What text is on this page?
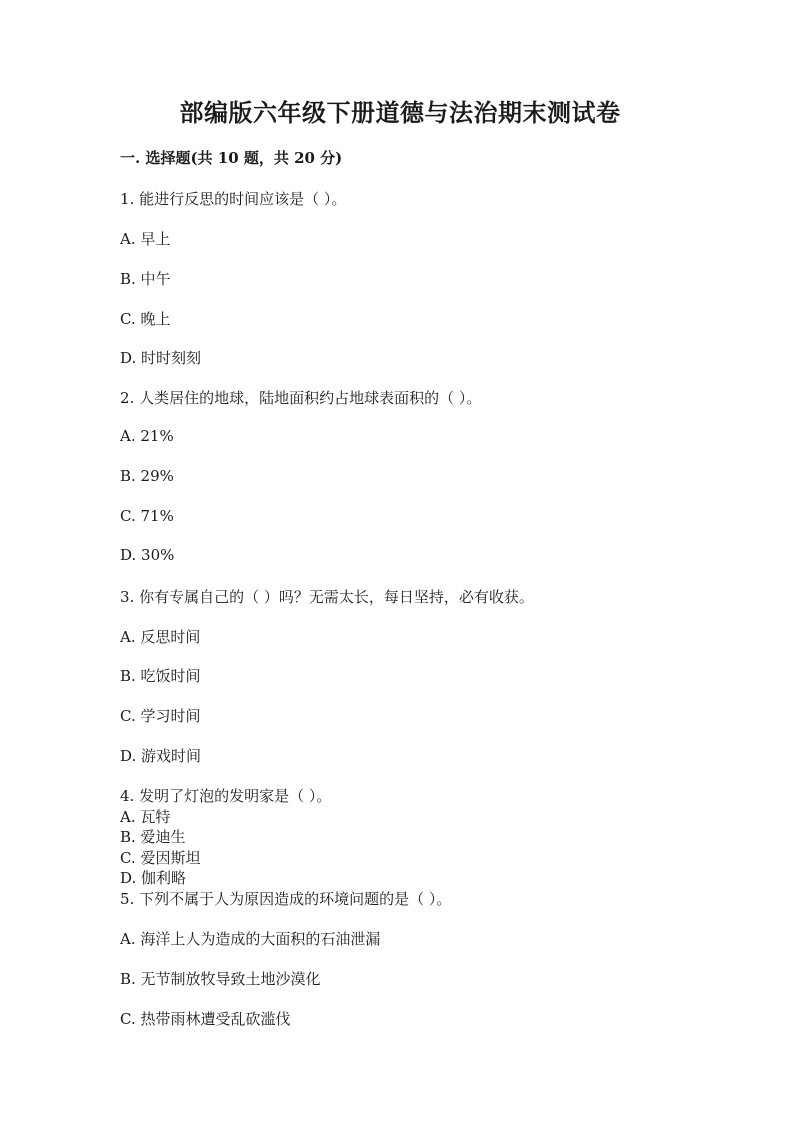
部编版六年级下册道德与法治期末测试卷
一. 选择题(共 10 题，共 20 分)
1. 能进行反思的时间应该是（ ）。
A. 早上
B. 中午
C. 晚上
D. 时时刻刻
2. 人类居住的地球，陆地面积约占地球表面积的（ ）。
A. 21%
B. 29%
C. 71%
D. 30%
3. 你有专属自己的（ ）吗？无需太长，每日坚持，必有收获。
A. 反思时间
B. 吃饭时间
C. 学习时间
D. 游戏时间
4. 发明了灯泡的发明家是（ ）。
A. 瓦特
B. 爱迪生
C. 爱因斯坦
D. 伽利略
5. 下列不属于人为原因造成的环境问题的是（ ）。
A. 海洋上人为造成的大面积的石油泄漏
B. 无节制放牧导致土地沙漠化
C. 热带雨林遭受乱砍滥伐
